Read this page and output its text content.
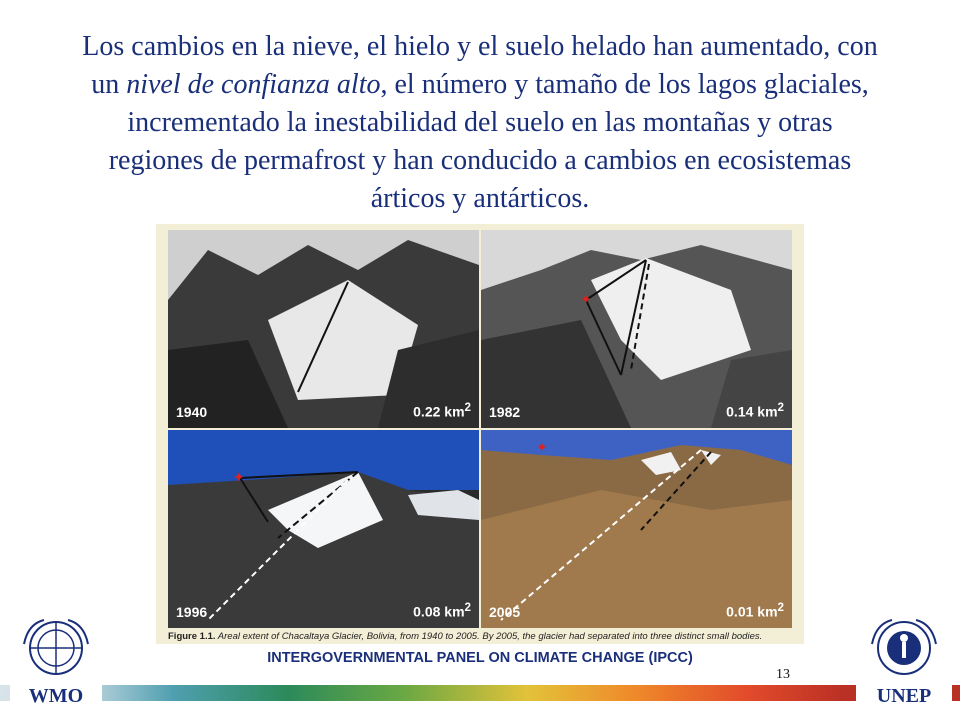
Los cambios en la nieve, el hielo y el suelo helado han aumentado, con un nivel de confianza alto, el número y tamaño de los lagos glaciales, incrementado la inestabilidad del suelo en las montañas y otras regiones de permafrost y han conducido a cambios en ecosistemas árticos y antárticos.
1940	0.22 $km^2$
✦
1982	0.14 $km^2$
✦
1996	0.08 $km^2$
✦
2005	0.01 $km^2$
Figure 1.1. Areal extent of Chacaltaya Glacier, Bolivia, from 1940 to 2005. By 2005, the glacier had separated into three distinct small bodies.
INTERGOVERNMENTAL PANEL ON CLIMATE CHANGE (IPCC)
13
WMO	UNEP
